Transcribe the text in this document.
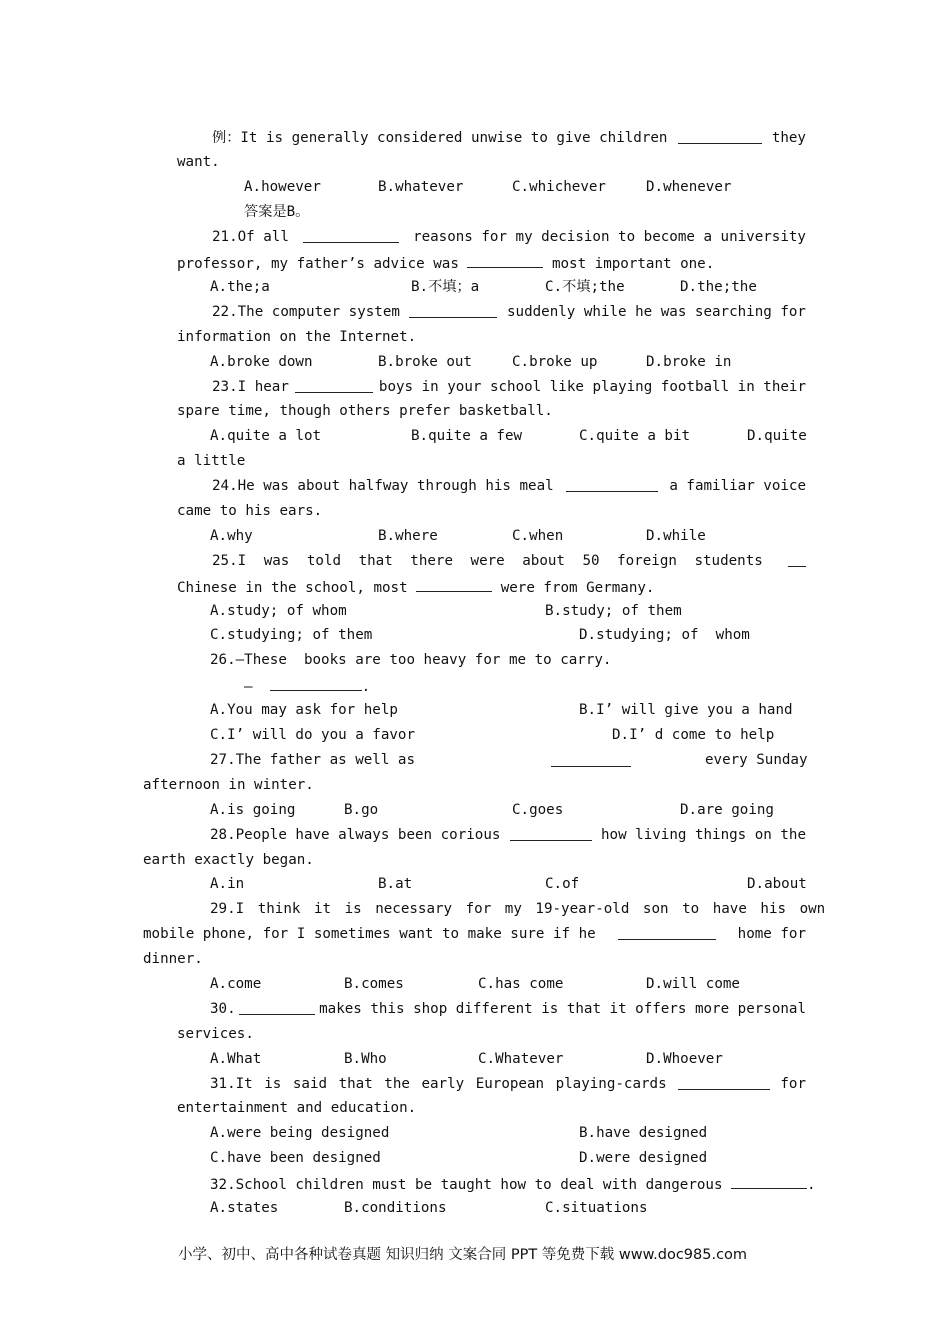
例：It is generally considered unwise to give children	they
want.
A.however	B.whatever	C.whichever	D.whenever
答案是B。
21.Of all	reasons for my decision to become a university
professor, my father’s advice was	most important one.
A.the;a	B.不填；a	C.不填;the	D.the;the
22.The computer system	suddenly while he was searching for
information on the Internet.
A.broke down	B.broke out	C.broke up	D.broke in
23.I hear	boys in your school like playing football in their
spare time, though others prefer basketball.
A.quite a lot	B.quite a few	C.quite a bit	D.quite
a little
24.He was about halfway through his meal	a familiar voice
came to his ears.
A.why	B.where	C.when	D.while
25.I was told that there were about 50 foreign students
Chinese in the school, most	were from Germany.
A.study; of whom	B.study; of them
C.studying; of them	D.studying; of  whom
26.—These  books are too heavy for me to carry.
—	.
A.You may ask for help	B.I’ will give you a hand
C.I’ will do you a favor	D.I’ d come to help
27.The father as well as	every Sunday
afternoon in winter.
A.is going	B.go	C.goes	D.are going
28.People have always been corious	how living things on the
earth exactly began.
A.in	B.at	C.of	D.about
29.I think it is necessary for my 19-year-old son to have his own
mobile phone, for I sometimes want to make sure if he	home for
dinner.
A.come	B.comes	C.has come	D.will come
30.	makes this shop different is that it offers more personal
services.
A.What	B.Who	C.Whatever	D.Whoever
31.It is said that the early European playing-cards	for
entertainment and education.
A.were being designed	B.have designed
C.have been designed	D.were designed
32.School children must be taught how to deal with dangerous	.
A.states	B.conditions	C.situations
小学、初中、高中各种试卷真题 知识归纳 文案合同 PPT 等免费下载 www.doc985.com
